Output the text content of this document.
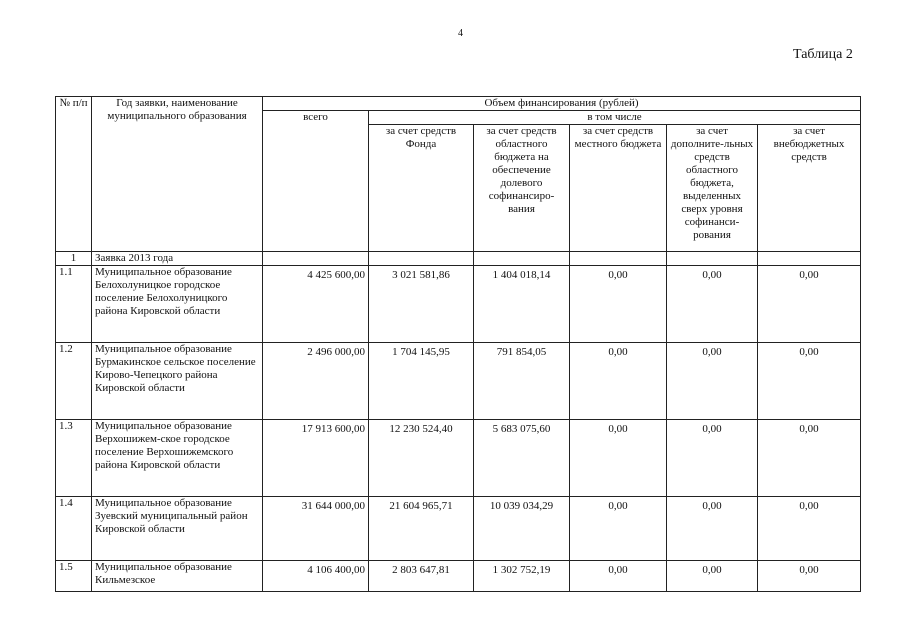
4
Таблица 2
№ п/п	Год заявки, наименование муниципального образования	Объем финансирования (рублей)					
		всего	в том числе				
			за счет средств Фонда	за счет средств областного бюджета на обеспечение долевого софинансиро-вания	за счет средств местного бюджета	за счет дополните-льных средств областного бюджета, выделенных сверх уровня софинанси-рования	за счет внебюджетных средств
1	Заявка 2013 года						
1.1	Муниципальное образование Белохолуницкое городское поселение Белохолуницкого района Кировской области	4 425 600,00	3 021 581,86	1 404 018,14	0,00	0,00	0,00
1.2	Муниципальное образование Бурмакинское сельское поселение Кирово-Чепецкого района Кировской области	2 496 000,00	1 704 145,95	791 854,05	0,00	0,00	0,00
1.3	Муниципальное образование Верхошижем-ское городское поселение Верхошижемского района Кировской области	17 913 600,00	12 230 524,40	5 683 075,60	0,00	0,00	0,00
1.4	Муниципальное образование Зуевский муниципальный район Кировской области	31 644 000,00	21 604 965,71	10 039 034,29	0,00	0,00	0,00
1.5	Муниципальное образование Кильмезское	4 106 400,00	2 803 647,81	1 302 752,19	0,00	0,00	0,00
